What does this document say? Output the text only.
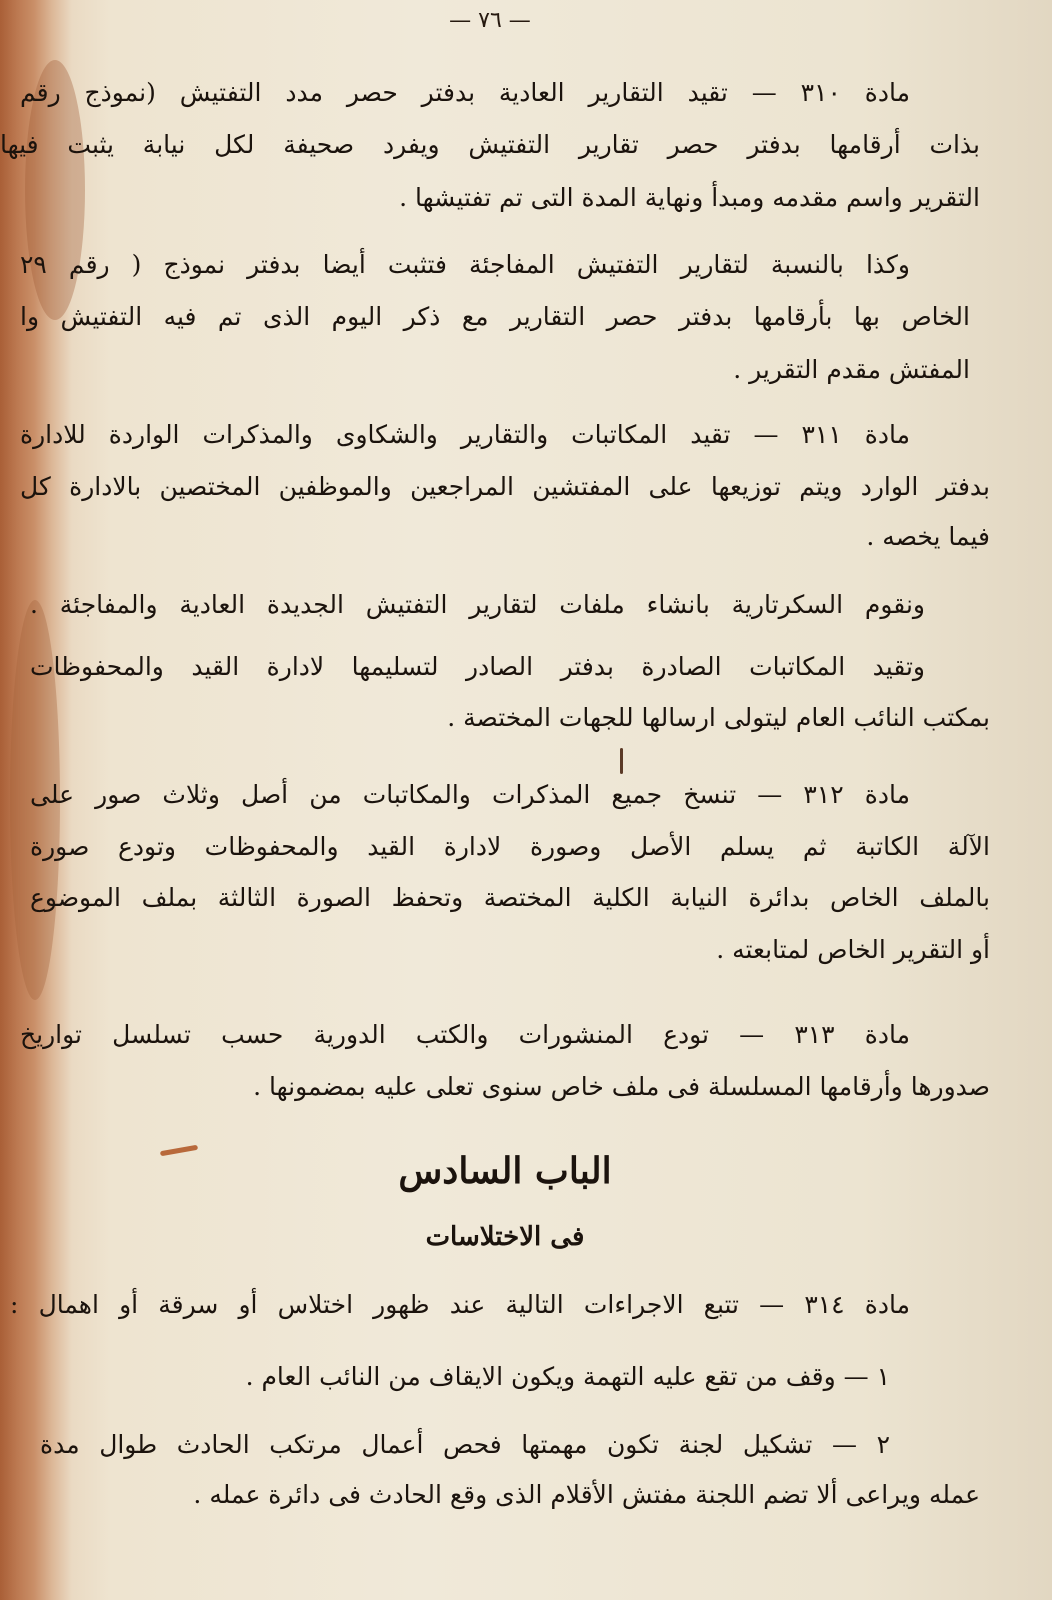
— ٧٦ —
مادة ٣١٠ — تقيد التقارير العادية بدفتر حصر مدد التفتيش (نموذج رقم
بذات أرقامها بدفتر حصر تقارير التفتيش ويفرد صحيفة لكل نيابة يثبت فيها
التقرير واسم مقدمه ومبدأ ونهاية المدة التى تم تفتيشها .
وكذا بالنسبة لتقارير التفتيش المفاجئة فتثبت أيضا بدفتر نموذج ( رقم ٢٩
الخاص بها بأرقامها بدفتر حصر التقارير مع ذكر اليوم الذى تم فيه التفتيش وا
المفتش مقدم التقرير .
مادة ٣١١ — تقيد المكاتبات والتقارير والشكاوى والمذكرات الواردة للادارة
بدفتر الوارد ويتم توزيعها على المفتشين المراجعين والموظفين المختصين بالادارة كل
فيما يخصه .
ونقوم السكرتارية بانشاء ملفات لتقارير التفتيش الجديدة العادية والمفاجئة .
وتقيد المكاتبات الصادرة بدفتر الصادر لتسليمها لادارة القيد والمحفوظات
بمكتب النائب العام ليتولى ارسالها للجهات المختصة .
مادة ٣١٢ — تنسخ جميع المذكرات والمكاتبات من أصل وثلاث صور على
الآلة الكاتبة ثم يسلم الأصل وصورة لادارة القيد والمحفوظات وتودع صورة
بالملف الخاص بدائرة النيابة الكلية المختصة وتحفظ الصورة الثالثة بملف الموضوع
أو التقرير الخاص لمتابعته .
مادة ٣١٣ — تودع المنشورات والكتب الدورية حسب تسلسل تواريخ
صدورها وأرقامها المسلسلة فى ملف خاص سنوى تعلى عليه بمضمونها .
الباب السادس
فى الاختلاسات
مادة ٣١٤ — تتبع الاجراءات التالية عند ظهور اختلاس أو سرقة أو اهمال :
١ — وقف من تقع عليه التهمة ويكون الايقاف من النائب العام .
٢ — تشكيل لجنة تكون مهمتها فحص أعمال مرتكب الحادث طوال مدة
عمله ويراعى ألا تضم اللجنة مفتش الأقلام الذى وقع الحادث فى دائرة عمله .
